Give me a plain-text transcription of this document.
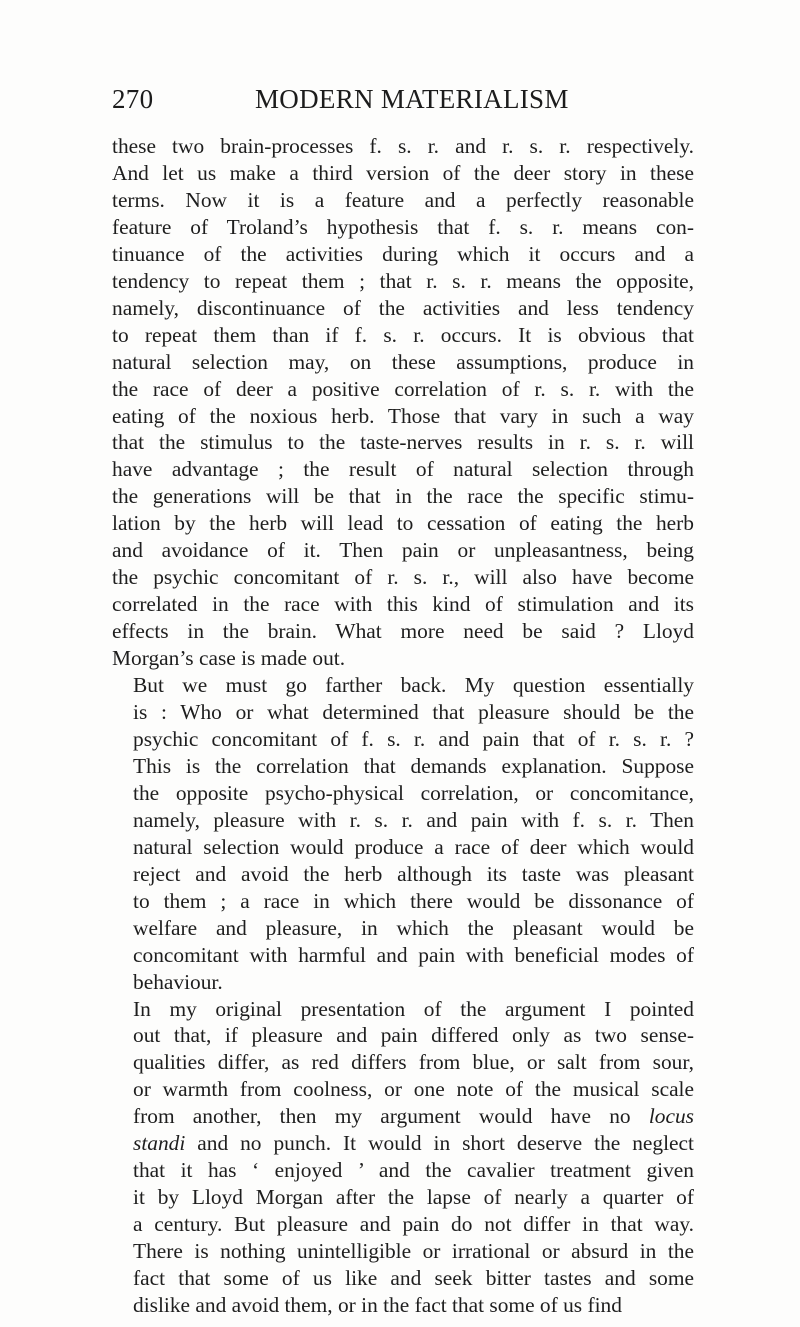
270	MODERN MATERIALISM

these two brain-processes f. s. r. and r. s. r. respectively.
And let us make a third version of the deer story in these
terms. Now it is a feature and a perfectly reasonable
feature of Troland’s hypothesis that f. s. r. means con-
tinuance of the activities during which it occurs and a
tendency to repeat them ; that r. s. r. means the opposite,
namely, discontinuance of the activities and less tendency
to repeat them than if f. s. r. occurs. It is obvious that
natural selection may, on these assumptions, produce in
the race of deer a positive correlation of r. s. r. with the
eating of the noxious herb. Those that vary in such a way
that the stimulus to the taste-nerves results in r. s. r. will
have advantage ; the result of natural selection through
the generations will be that in the race the specific stimu-
lation by the herb will lead to cessation of eating the herb
and avoidance of it. Then pain or unpleasantness, being
the psychic concomitant of r. s. r., will also have become
correlated in the race with this kind of stimulation and its
effects in the brain. What more need be said ? Lloyd
Morgan’s case is made out.

But we must go farther back. My question essentially
is : Who or what determined that pleasure should be the
psychic concomitant of f. s. r. and pain that of r. s. r. ?
This is the correlation that demands explanation. Suppose
the opposite psycho-physical correlation, or concomitance,
namely, pleasure with r. s. r. and pain with f. s. r. Then
natural selection would produce a race of deer which would
reject and avoid the herb although its taste was pleasant
to them ; a race in which there would be dissonance of
welfare and pleasure, in which the pleasant would be
concomitant with harmful and pain with beneficial modes of
behaviour.

In my original presentation of the argument I pointed
out that, if pleasure and pain differed only as two sense-
qualities differ, as red differs from blue, or salt from sour,
or warmth from coolness, or one note of the musical scale
from another, then my argument would have no locus
standi and no punch. It would in short deserve the neglect
that it has ‘ enjoyed ’ and the cavalier treatment given
it by Lloyd Morgan after the lapse of nearly a quarter of
a century. But pleasure and pain do not differ in that way.
There is nothing unintelligible or irrational or absurd in the
fact that some of us like and seek bitter tastes and some
dislike and avoid them, or in the fact that some of us find
